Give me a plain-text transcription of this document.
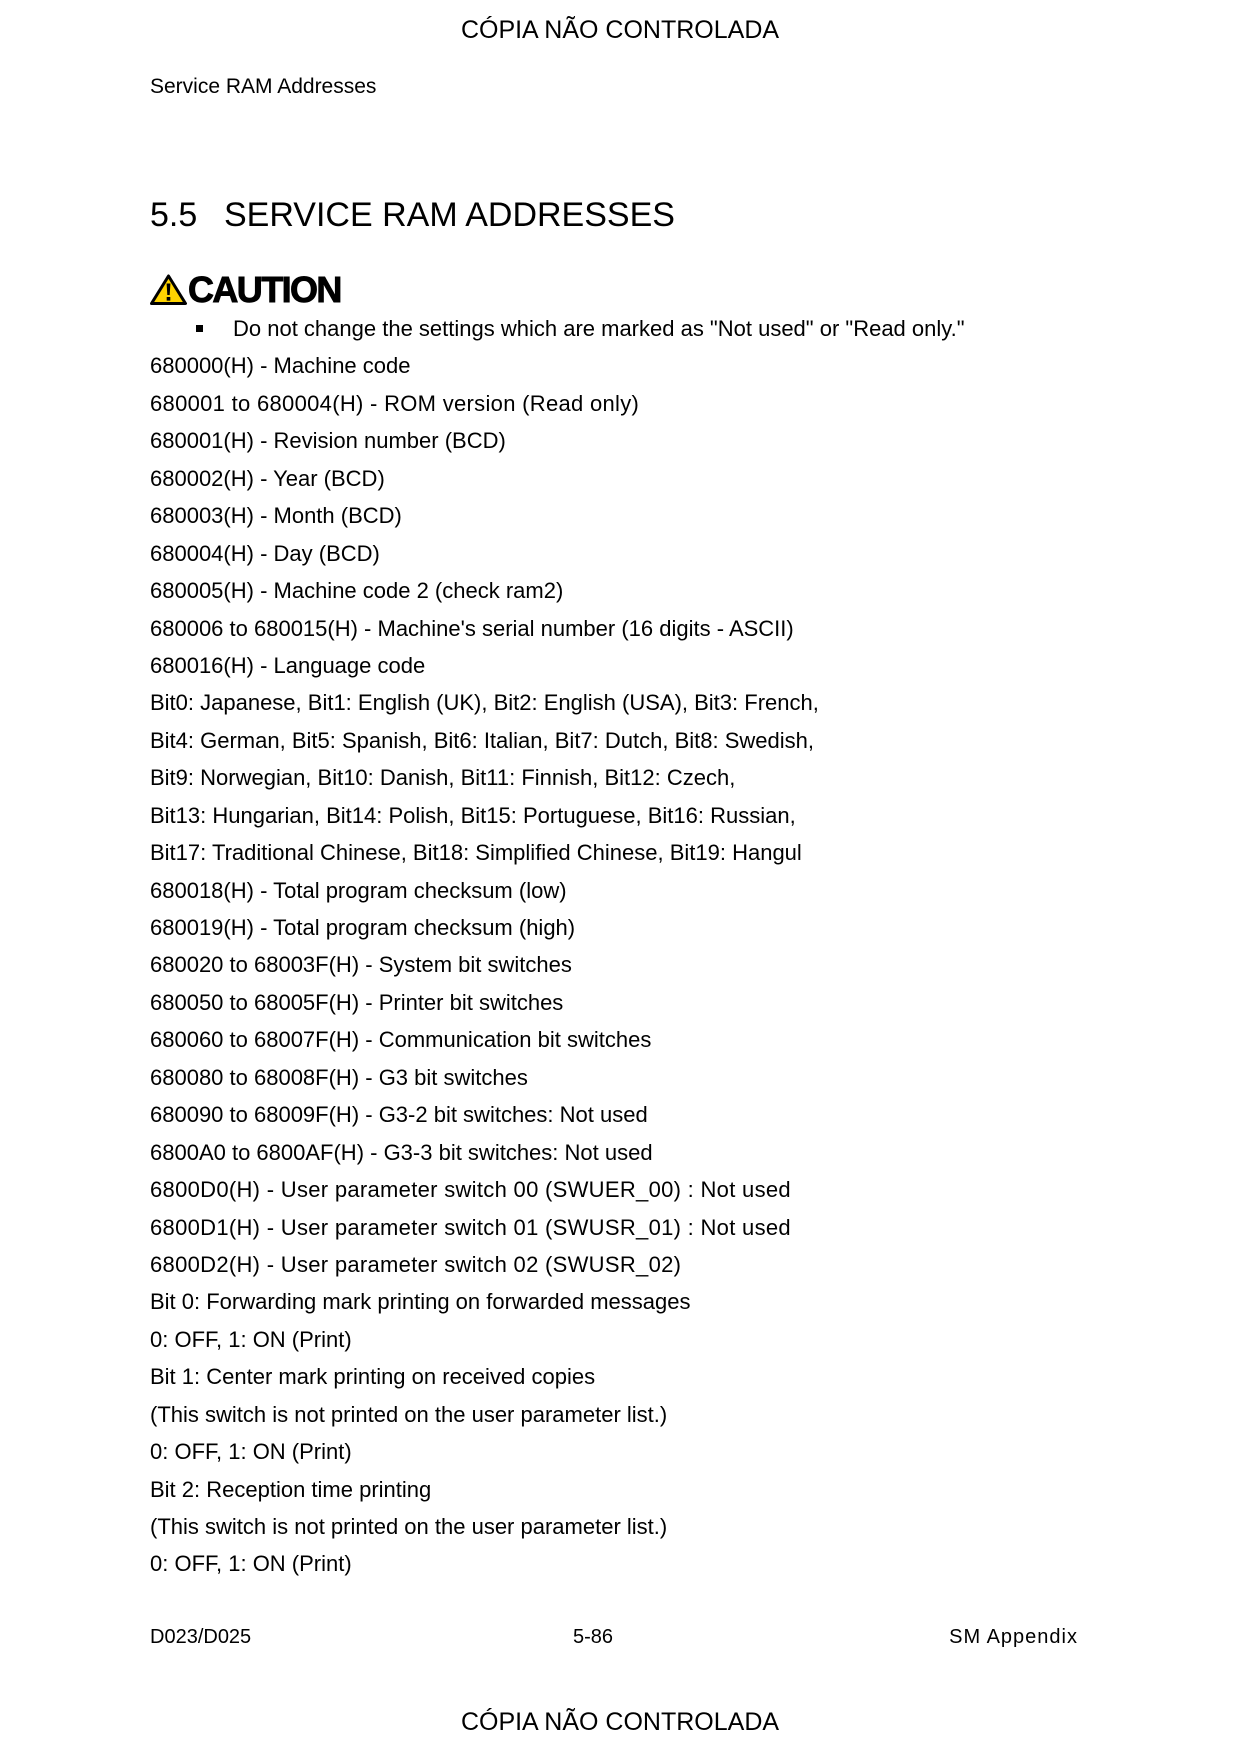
CÓPIA NÃO CONTROLADA
Service RAM Addresses
5.5 SERVICE RAM ADDRESSES
CAUTION
Do not change the settings which are marked as "Not used" or "Read only."
680000(H) - Machine code
680001 to 680004(H) - ROM version (Read only)
680001(H) - Revision number (BCD)
680002(H) - Year (BCD)
680003(H) - Month (BCD)
680004(H) - Day (BCD)
680005(H) - Machine code 2 (check ram2)
680006 to 680015(H) - Machine's serial number (16 digits - ASCII)
680016(H) - Language code
Bit0: Japanese, Bit1: English (UK), Bit2: English (USA), Bit3: French,
Bit4: German, Bit5: Spanish, Bit6: Italian, Bit7: Dutch, Bit8: Swedish,
Bit9: Norwegian, Bit10: Danish, Bit11: Finnish, Bit12: Czech,
Bit13: Hungarian, Bit14: Polish, Bit15: Portuguese, Bit16: Russian,
Bit17: Traditional Chinese, Bit18: Simplified Chinese, Bit19: Hangul
680018(H) - Total program checksum (low)
680019(H) - Total program checksum (high)
680020 to 68003F(H) - System bit switches
680050 to 68005F(H) - Printer bit switches
680060 to 68007F(H) - Communication bit switches
680080 to 68008F(H) - G3 bit switches
680090 to 68009F(H) - G3-2 bit switches: Not used
6800A0 to 6800AF(H) - G3-3 bit switches: Not used
6800D0(H) - User parameter switch 00 (SWUER_00) : Not used
6800D1(H) - User parameter switch 01 (SWUSR_01) : Not used
6800D2(H) - User parameter switch 02 (SWUSR_02)
Bit 0: Forwarding mark printing on forwarded messages
0: OFF, 1: ON (Print)
Bit 1: Center mark printing on received copies
(This switch is not printed on the user parameter list.)
0: OFF, 1: ON (Print)
Bit 2: Reception time printing
(This switch is not printed on the user parameter list.)
0: OFF, 1: ON (Print)
D023/D025	5-86	SM Appendix
CÓPIA NÃO CONTROLADA
